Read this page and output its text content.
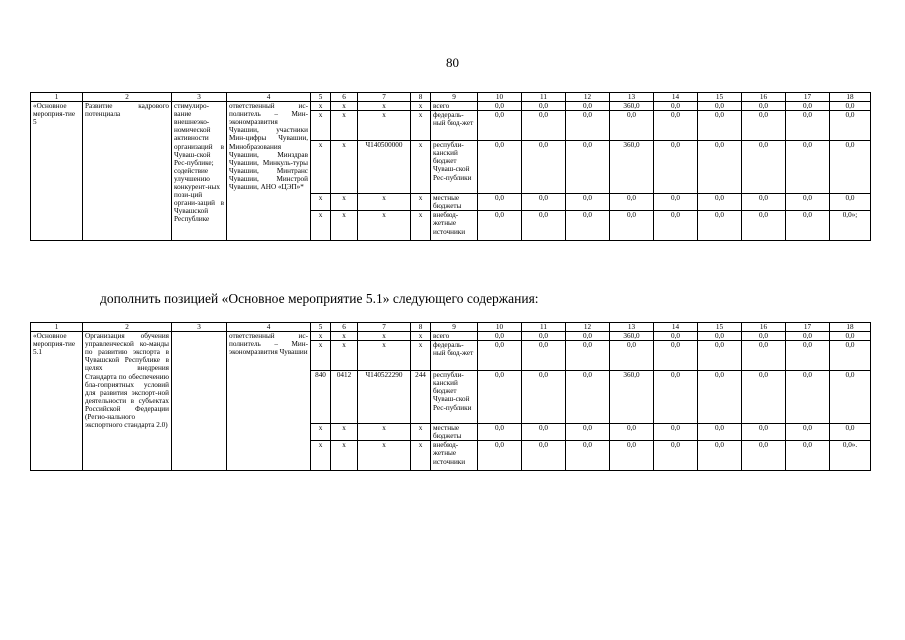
80
1	2	3	4	5	6	7	8	9	10	11	12	13	14	15	16	17	18
«Основное мероприя-тие 5	Развитие кадрового потенциала	стимулиро-вание внешнеэко-номической активности организаций в Чуваш-ской Рес-публике; содействие улучшению конкурент-ных пози-ций органи-заций в Чувашской Республике	ответственный ис-полнитель – Мин-экономразвития Чувашии, участники Мин-цифры Чувашии, Минобразования Чувашии, Минздрав Чувашии, Минкуль-туры Чувашии, Минтранс Чувашии, Минстрой Чувашии, АНО «ЦЭП»*	х	х	х	х	всего	0,0	0,0	0,0	360,0	0,0	0,0	0,0	0,0	0,0
				х	х	х	х	федераль-ный бюд-жет	0,0	0,0	0,0	0,0	0,0	0,0	0,0	0,0	0,0
				х	х	Ч140500000	х	республи-канский бюджет Чуваш-ской Рес-публики	0,0	0,0	0,0	360,0	0,0	0,0	0,0	0,0	0,0
				х	х	х	х	местные бюджеты	0,0	0,0	0,0	0,0	0,0	0,0	0,0	0,0	0,0
				х	х	х	х	внебюд-жетные источники	0,0	0,0	0,0	0,0	0,0	0,0	0,0	0,0	0,0»;
дополнить позицией «Основное мероприятие 5.1» следующего содержания:
1	2	3	4	5	6	7	8	9	10	11	12	13	14	15	16	17	18
«Основное мероприя-тие 5.1	Организация обучения управленческой ко-манды по развитию экспорта в Чувашской Республике в целях внедрения Стандарта по обеспечению бла-гоприятных условий для развития экспорт-ной деятельности в субъектах Российской Федерации (Регио-нального экспортного стандарта 2.0)		ответственный ис-полнитель – Мин-экономразвития Чувашии	х	х	х	х	всего	0,0	0,0	0,0	360,0	0,0	0,0	0,0	0,0	0,0
				х	х	х	х	федераль-ный бюд-жет	0,0	0,0	0,0	0,0	0,0	0,0	0,0	0,0	0,0
				840	0412	Ч140522290	244	республи-канский бюджет Чуваш-ской Рес-публики	0,0	0,0	0,0	360,0	0,0	0,0	0,0	0,0	0,0
				х	х	х	х	местные бюджеты	0,0	0,0	0,0	0,0	0,0	0,0	0,0	0,0	0,0
				х	х	х	х	внебюд-жетные источники	0,0	0,0	0,0	0,0	0,0	0,0	0,0	0,0	0,0».
